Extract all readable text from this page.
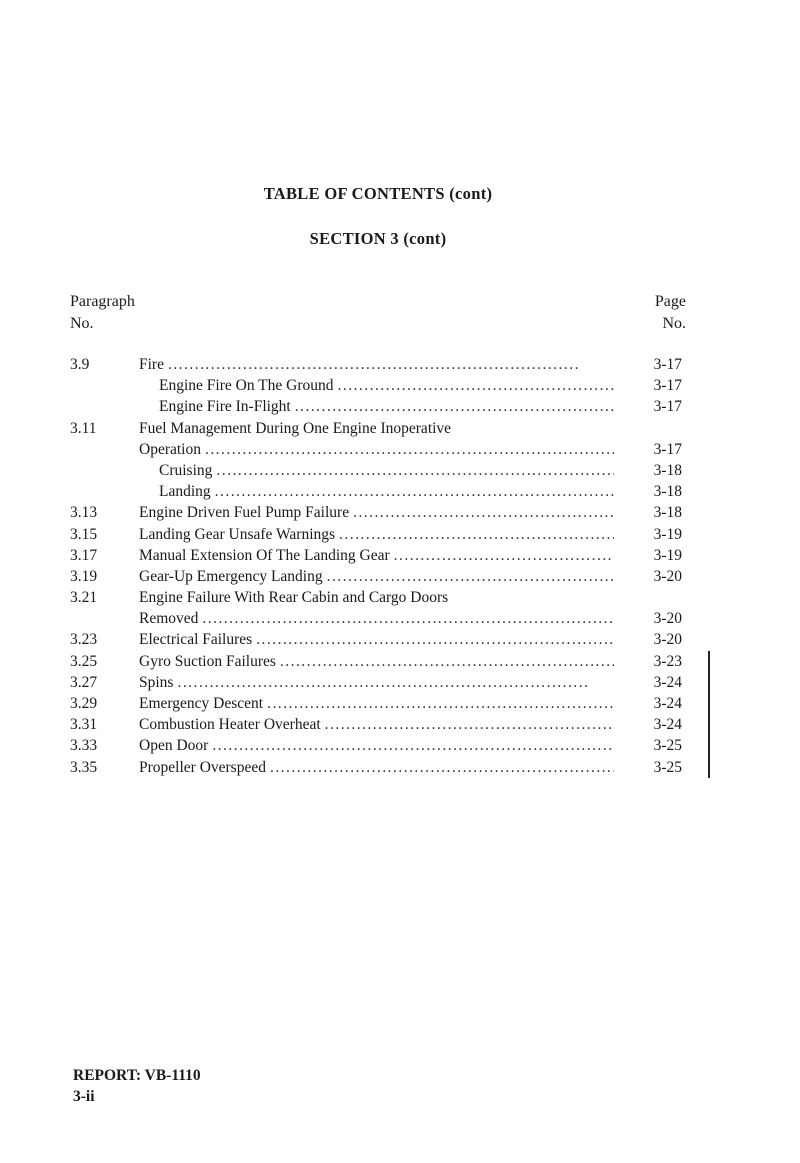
TABLE OF CONTENTS (cont)
SECTION 3 (cont)
Paragraph
No.
Page
No.
3.9	Fire . . .	3-17
Engine Fire On The Ground . . .	3-17
Engine Fire In-Flight . . .	3-17
3.11	Fuel Management During One Engine Inoperative
Operation . . .	3-17
Cruising . . .	3-18
Landing . . .	3-18
3.13	Engine Driven Fuel Pump Failure . . .	3-18
3.15	Landing Gear Unsafe Warnings . . .	3-19
3.17	Manual Extension Of The Landing Gear . . .	3-19
3.19	Gear-Up Emergency Landing . . .	3-20
3.21	Engine Failure With Rear Cabin and Cargo Doors
Removed . . .	3-20
3.23	Electrical Failures . . .	3-20
3.25	Gyro Suction Failures . . .	3-23
3.27	Spins . . .	3-24
3.29	Emergency Descent . . .	3-24
3.31	Combustion Heater Overheat . . .	3-24
3.33	Open Door . . .	3-25
3.35	Propeller Overspeed . . .	3-25
REPORT: VB-1110
3-ii
